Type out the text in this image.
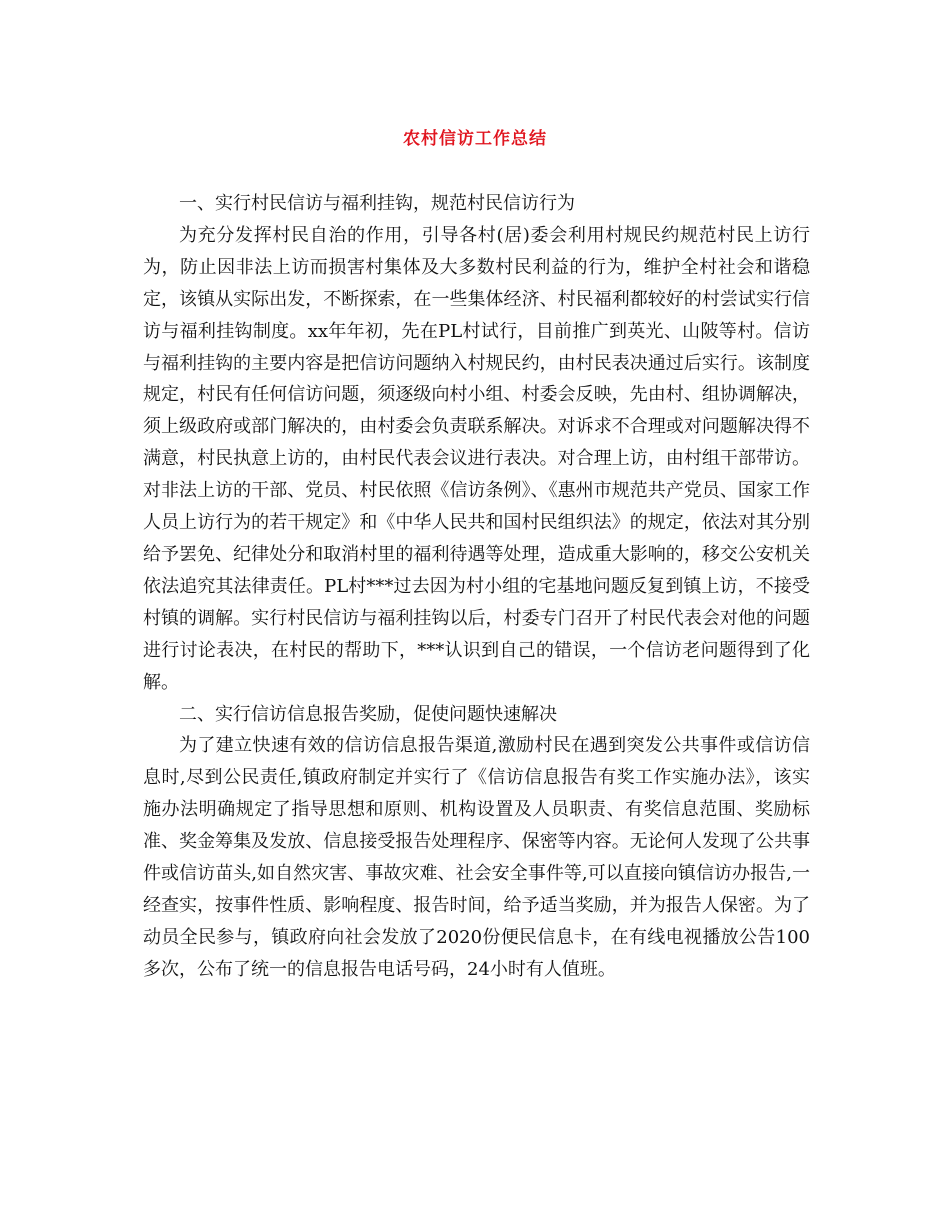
农村信访工作总结

一、实行村民信访与福利挂钩，规范村民信访行为

为充分发挥村民自治的作用，引导各村(居)委会利用村规民约规范村民上访行为，防止因非法上访而损害村集体及大多数村民利益的行为，维护全村社会和谐稳定，该镇从实际出发，不断探索，在一些集体经济、村民福利都较好的村尝试实行信访与福利挂钩制度。xx年年初，先在PL村试行，目前推广到英光、山陂等村。信访与福利挂钩的主要内容是把信访问题纳入村规民约，由村民表决通过后实行。该制度规定，村民有任何信访问题，须逐级向村小组、村委会反映，先由村、组协调解决，须上级政府或部门解决的，由村委会负责联系解决。对诉求不合理或对问题解决得不满意，村民执意上访的，由村民代表会议进行表决。对合理上访，由村组干部带访。对非法上访的干部、党员、村民依照《信访条例》、《惠州市规范共产党员、国家工作人员上访行为的若干规定》和《中华人民共和国村民组织法》的规定，依法对其分别给予罢免、纪律处分和取消村里的福利待遇等处理，造成重大影响的，移交公安机关依法追究其法律责任。PL村***过去因为村小组的宅基地问题反复到镇上访，不接受村镇的调解。实行村民信访与福利挂钩以后，村委专门召开了村民代表会对他的问题进行讨论表决，在村民的帮助下，***认识到自己的错误，一个信访老问题得到了化解。

二、实行信访信息报告奖励，促使问题快速解决

为了建立快速有效的信访信息报告渠道,激励村民在遇到突发公共事件或信访信息时,尽到公民责任,镇政府制定并实行了《信访信息报告有奖工作实施办法》，该实施办法明确规定了指导思想和原则、机构设置及人员职责、有奖信息范围、奖励标准、奖金筹集及发放、信息接受报告处理程序、保密等内容。无论何人发现了公共事件或信访苗头,如自然灾害、事故灾难、社会安全事件等,可以直接向镇信访办报告,一经查实，按事件性质、影响程度、报告时间，给予适当奖励，并为报告人保密。为了动员全民参与，镇政府向社会发放了2020份便民信息卡，在有线电视播放公告100多次，公布了统一的信息报告电话号码，24小时有人值班。
